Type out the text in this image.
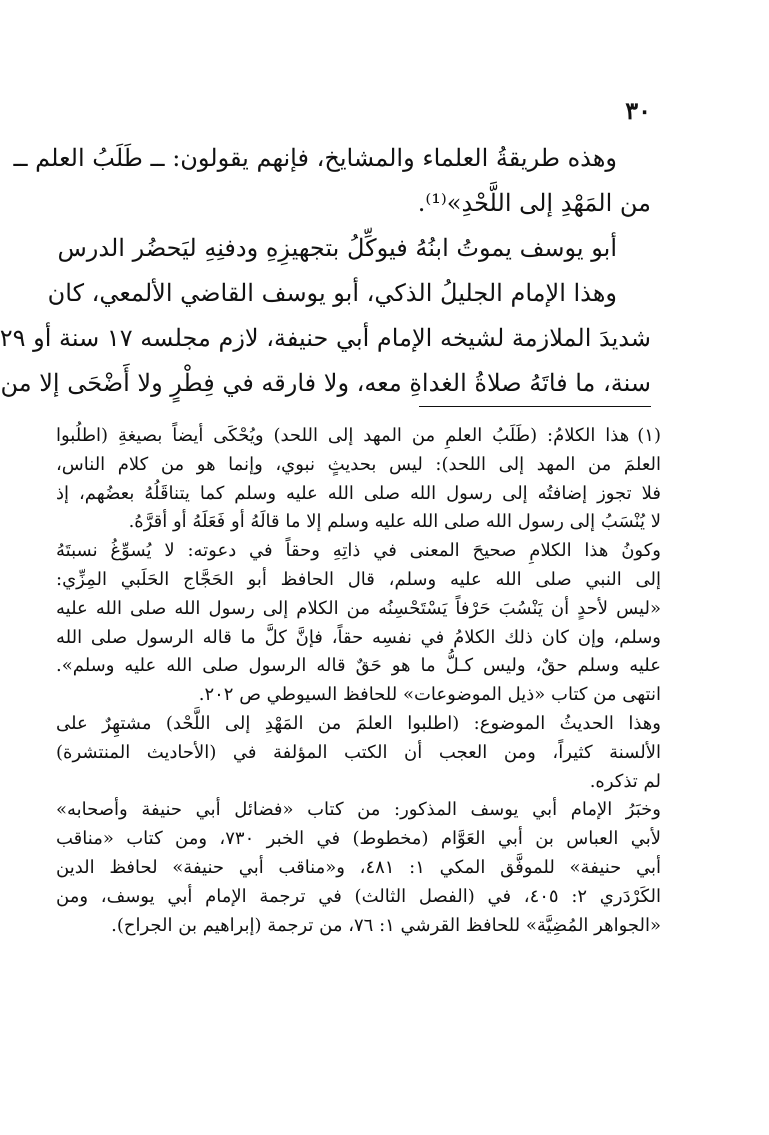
٣٠
وهذه طريقةُ العلماء والمشايخ، فإنهم يقولون: ــ طَلَبُ العلم ــ
من المَهْدِ إلى اللَّحْدِ»⁽¹⁾.
أبو يوسف يموتُ ابنُهُ فيوكِّلُ بتجهيزِهِ ودفنِهِ ليَحضُر الدرس
وهذا الإمام الجليلُ الذكي، أبو يوسف القاضي الألمعي، كان
شديدَ الملازمة لشيخه الإمام أبي حنيفة، لازم مجلسه ١٧ سنة أو ٢٩
سنة، ما فاتَهُ صلاةُ الغداةِ معه، ولا فارقه في فِطْرٍ ولا أَضْحَى إلا من
(١)هذا الكلامُ: (طَلَبُ العلمِ من المهد إلى اللحد) ويُحْكَى أيضاً بصيغةِ (اطلُبوا
العلمَ من المهد إلى اللحد): ليس بحديثٍ نبوي، وإنما هو من كلام الناس،
فلا تجوز إضافتُه إلى رسول الله صلى الله عليه وسلم كما يتناقَلُهُ بعضُهم، إذ
لا يُنْسَبُ إلى رسول الله صلى الله عليه وسلم إلا ما قالَهُ أو فَعَلَهُ أو أقرَّهُ.
وكونُ هذا الكلامِ صحيحَ المعنى في ذاتِهِ وحقاً في دعوته: لا يُسوِّغُ نسبتَهُ
إلى النبي صلى الله عليه وسلم، قال الحافظ أبو الحَجَّاج الحَلَبي المِزِّي:
«ليس لأحدٍ أن يَنْسُبَ حَرْفاً يَسْتَحْسِنُه من الكلام إلى رسول الله صلى الله عليه
وسلم، وإن كان ذلك الكلامُ في نفسِه حقاً، فإنَّ كلَّ ما قاله الرسول صلى الله
عليه وسلم حقٌ، وليس كـلُّ ما هو حَقٌ قاله الرسول صلى الله عليه وسلم».
انتهى من كتاب «ذيل الموضوعات» للحافظ السيوطي ص ٢٠٢.
وهذا الحديثُ الموضوع: (اطلبوا العلمَ من المَهْدِ إلى اللَّحْد) مشتهِرٌ على
الألسنة كثيراً، ومن العجب أن الكتب المؤلفة في (الأحاديث المنتشرة)
لم تذكره.
وخبَرُ الإمام أبي يوسف المذكور: من كتاب «فضائل أبي حنيفة وأصحابه»
لأبي العباس بن أبي العَوَّام (مخطوط) في الخبر ٧٣٠، ومن كتاب «مناقب
أبي حنيفة» للموفَّق المكي ١: ٤٨١، و«مناقب أبي حنيفة» لحافظ الدين
الكَرْدَري ٢: ٤٠٥، في (الفصل الثالث) في ترجمة الإمام أبي يوسف، ومن
«الجواهر المُضِيَّة» للحافظ القرشي ١: ٧٦، من ترجمة (إبراهيم بن الجراح).
